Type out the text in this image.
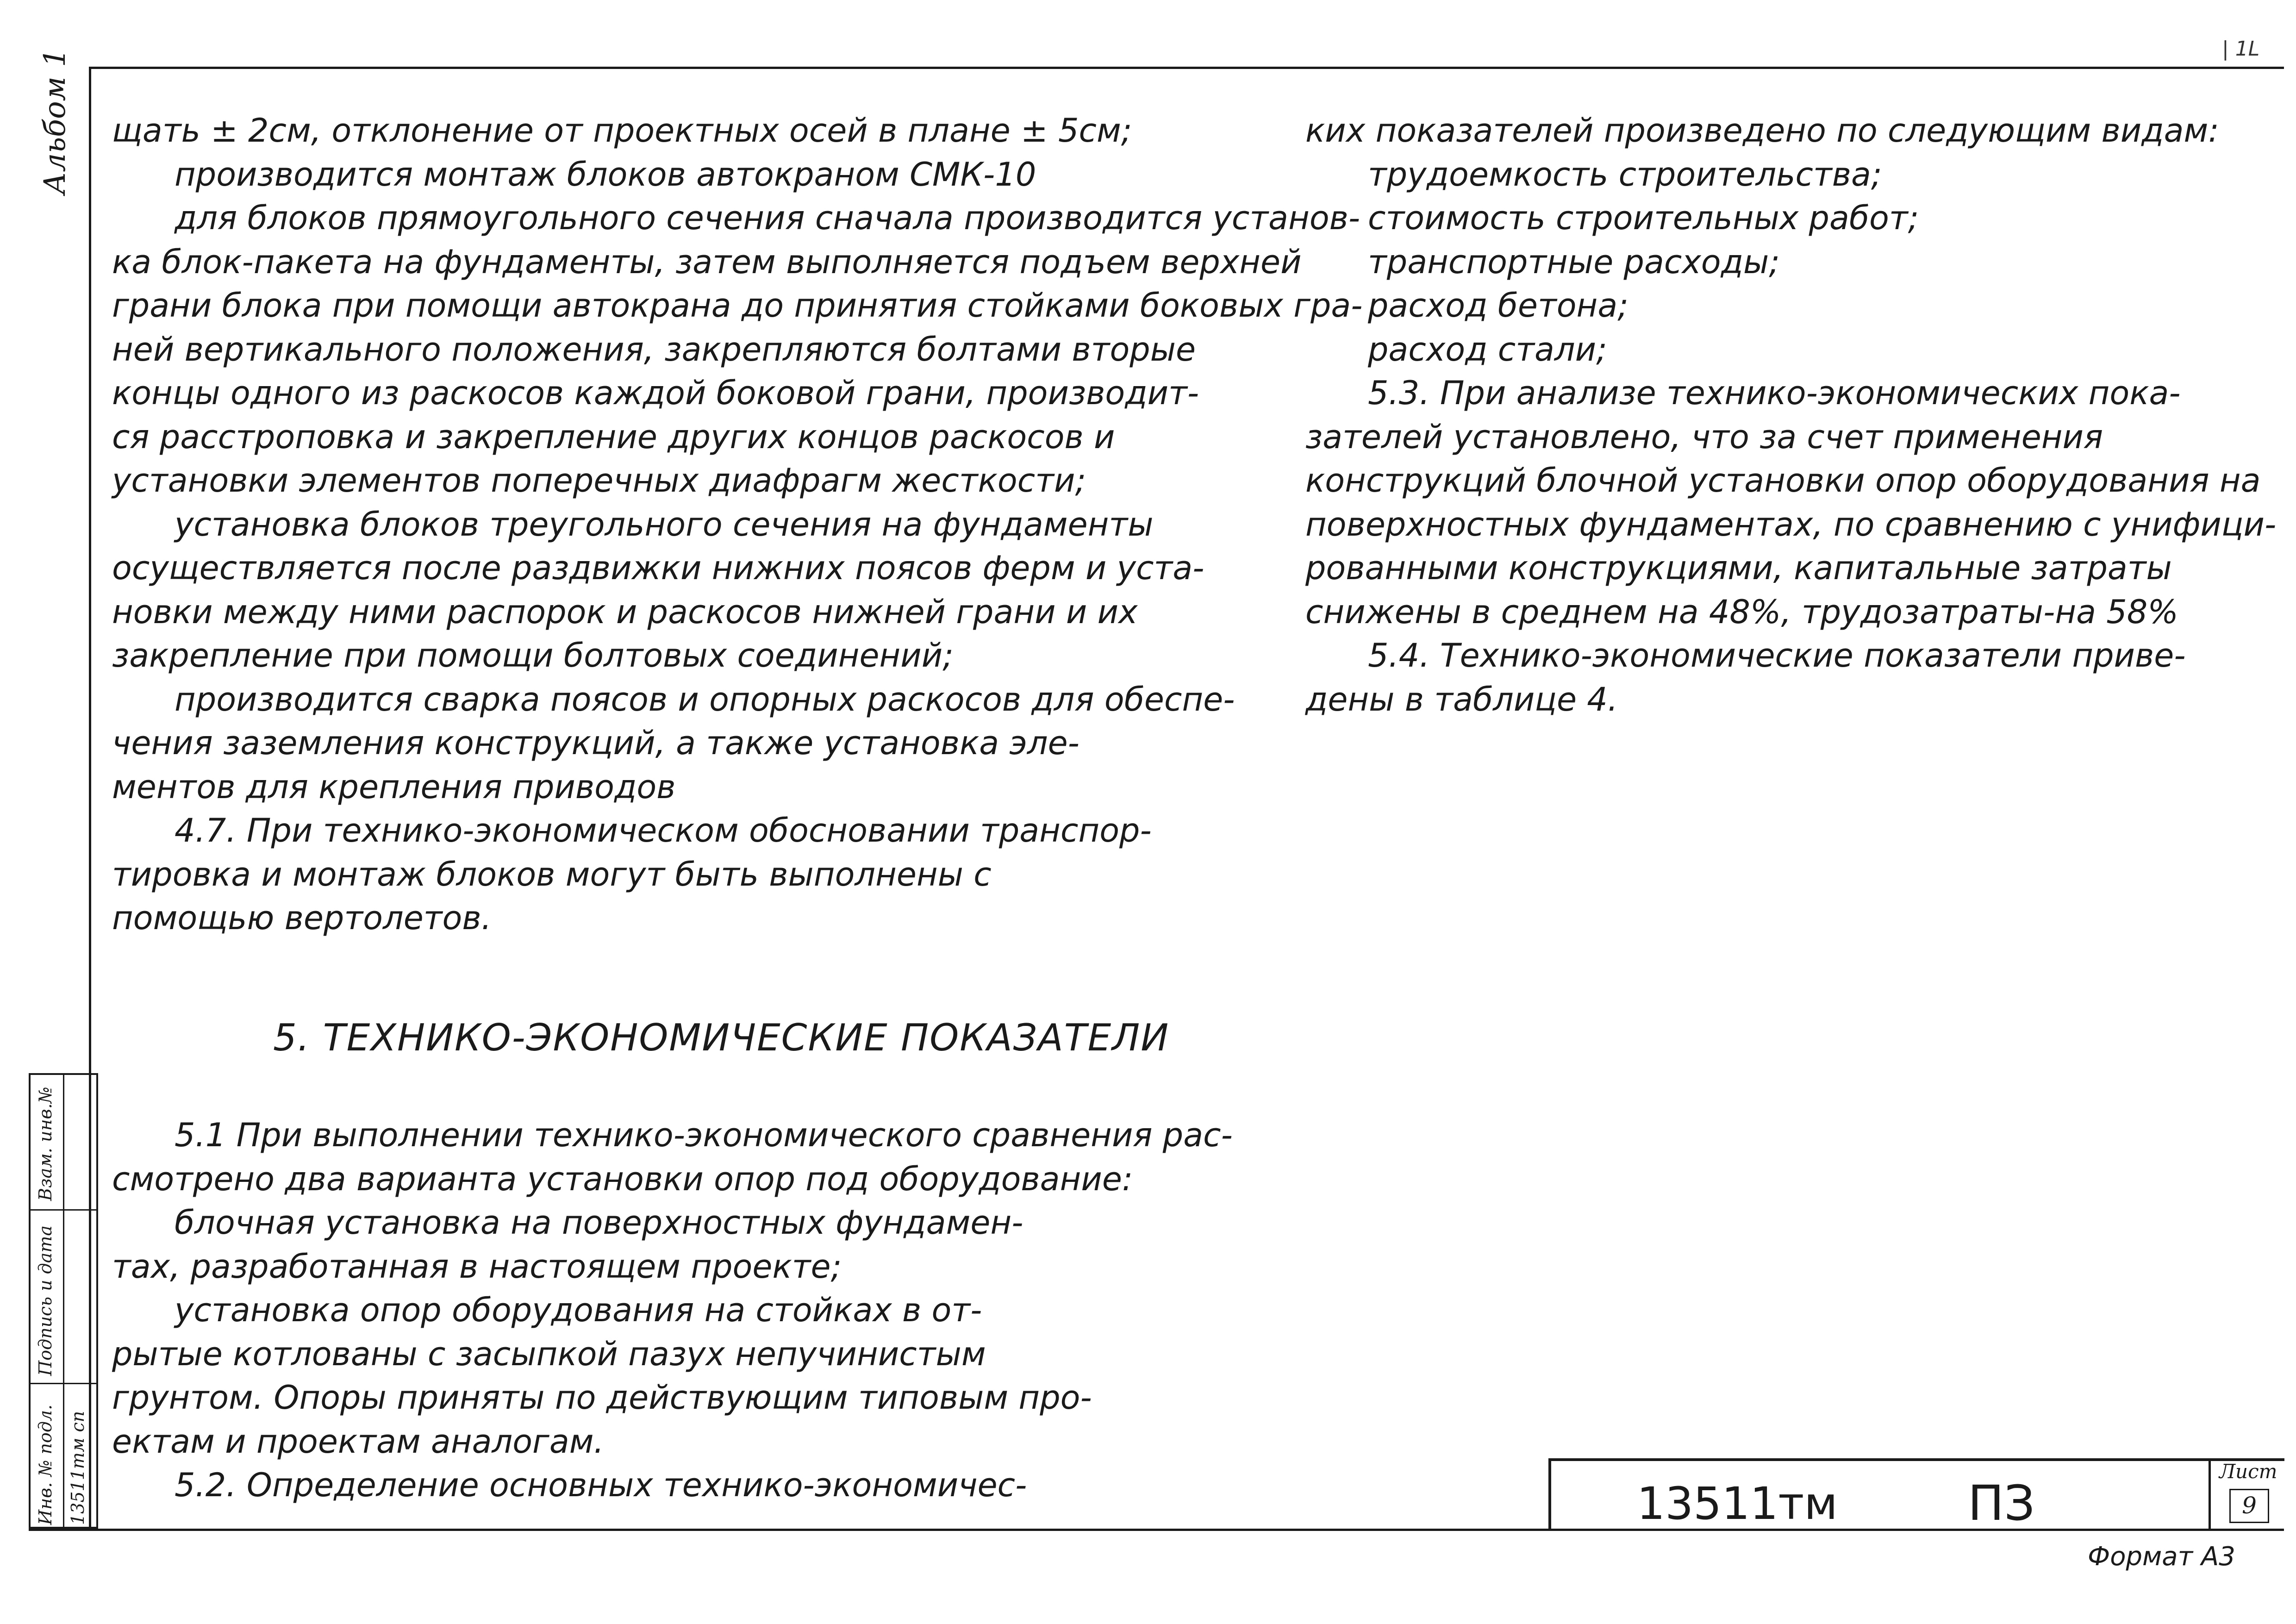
| 1L
Альбом 1 щать ± 2см, отклонение от проектных осей в плане ± 5см;
производится монтаж блоков автокраном СМК-10
для блоков прямоугольного сечения сначала производится установ-
ка блок-пакета на фундаменты, затем выполняется подъем верхней
грани блока при помощи автокрана до принятия стойками боковых гра-
ней вертикального положения, закрепляются болтами вторые
концы одного из раскосов каждой боковой грани, производит-
ся расстроповка и закрепление других концов раскосов и
установки элементов поперечных диафрагм жесткости;
установка блоков треугольного сечения на фундаменты
осуществляется после раздвижки нижних поясов ферм и уста-
новки между ними распорок и раскосов нижней грани и их
закрепление при помощи болтовых соединений;
производится сварка поясов и опорных раскосов для обеспе-
чения заземления конструкций, а также установка эле-
ментов для крепления приводов
4.7. При технико-экономическом обосновании транспор-
тировка и монтаж блоков могут быть выполнены с
помощью вертолетов.
5. ТЕХНИКО-ЭКОНОМИЧЕСКИЕ ПОКАЗАТЕЛИ
5.1 При выполнении технико-экономического сравнения рас-
смотрено два варианта установки опор под оборудование:
блочная установка на поверхностных фундамен-
тах, разработанная в настоящем проекте;
установка опор оборудования на стойках в от-
рытые котлованы с засыпкой пазух непучинистым
грунтом. Опоры приняты по действующим типовым про-
ектам и проектам аналогам.
5.2. Определение основных технико-экономичес-
ких показателей произведено по следующим видам:
трудоемкость строительства;
стоимость строительных работ;
транспортные расходы;
расход бетона;
расход стали;
5.3. При анализе технико-экономических пока-
зателей установлено, что за счет применения
конструкций блочной установки опор оборудования на
поверхностных фундаментах, по сравнению с унифици-
рованными конструкциями, капитальные затраты
снижены в среднем на 48%, трудозатраты-на 58%
5.4. Технико-экономические показатели приве-
дены в таблице 4.
Взам. инв.№
Подпись и дата
Инв. № подл. 13511тм сп	13511тм	ПЗ
Лист
9
Формат А3
